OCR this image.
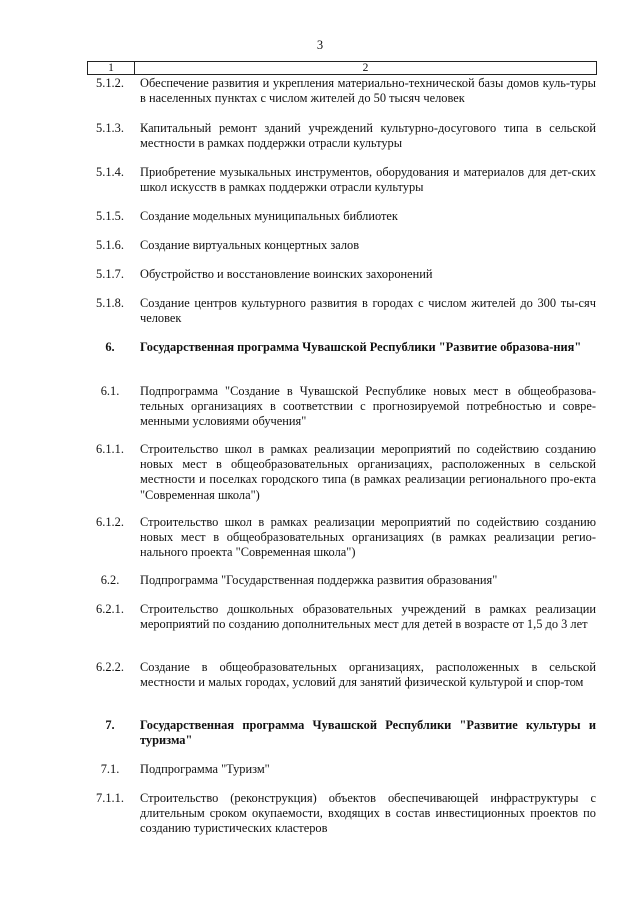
3
1	2
5.1.2.	Обеспечение развития и укрепления материально-технической базы домов куль-туры в населенных пунктах с числом жителей до 50 тысяч человек
5.1.3.	Капитальный ремонт зданий учреждений культурно-досугового типа в сельской местности в рамках поддержки отрасли культуры
5.1.4.	Приобретение музыкальных инструментов, оборудования и материалов для дет-ских школ искусств в рамках поддержки отрасли культуры
5.1.5.	Создание модельных муниципальных библиотек
5.1.6.	Создание виртуальных концертных залов
5.1.7.	Обустройство и восстановление воинских захоронений
5.1.8.	Создание центров культурного развития в городах с числом жителей до 300 ты-сяч человек
6.	Государственная программа Чувашской Республики "Развитие образова-ния"
6.1.	Подпрограмма "Создание в Чувашской Республике новых мест в общеобразова-тельных организациях в соответствии с прогнозируемой потребностью и совре-менными условиями обучения"
6.1.1.	Строительство школ в рамках реализации мероприятий по содействию созданию новых мест в общеобразовательных организациях, расположенных в сельской местности и поселках городского типа (в рамках реализации регионального про-екта "Современная школа")
6.1.2.	Строительство школ в рамках реализации мероприятий по содействию созданию новых мест в общеобразовательных организациях (в рамках реализации регио-нального проекта "Современная школа")
6.2.	Подпрограмма "Государственная поддержка развития образования"
6.2.1.	Строительство дошкольных образовательных учреждений в рамках реализации мероприятий по созданию дополнительных мест для детей в возрасте от 1,5 до 3 лет
6.2.2.	Создание в общеобразовательных организациях, расположенных в сельской местности и малых городах, условий для занятий физической культурой и спор-том
7.	Государственная программа Чувашской Республики "Развитие культуры и туризма"
7.1.	Подпрограмма "Туризм"
7.1.1.	Строительство (реконструкция) объектов обеспечивающей инфраструктуры с длительным сроком окупаемости, входящих в состав инвестиционных проектов по созданию туристических кластеров
